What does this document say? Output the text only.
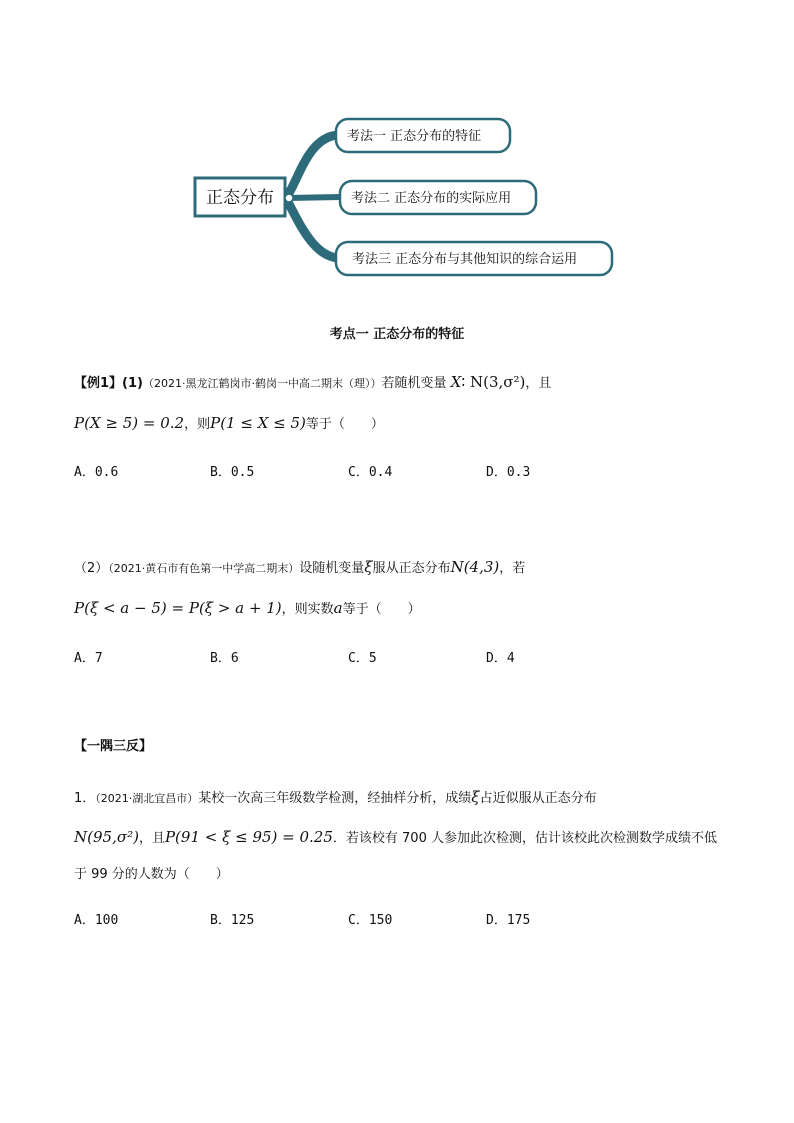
正态分布
考法一 正态分布的特征
考法二 正态分布的实际应用
考法三 正态分布与其他知识的综合运用
考点一 正态分布的特征
【例1】(1)（2021·黑龙江鹤岗市·鹤岗一中高二期末（理））若随机变量 X∶ N(3,σ²)，且
P(X ≥ 5) = 0.2，则P(1 ≤ X ≤ 5)等于（　　）
A．0.6	B．0.5	C．0.4	D．0.3
（2）（2021·黄石市有色第一中学高二期末）设随机变量ξ服从正态分布N(4,3)，若
P(ξ < a − 5) = P(ξ > a + 1)，则实数a等于（　　）
A．7	B．6	C．5	D．4
【一隅三反】
1．（2021·湖北宜昌市）某校一次高三年级数学检测，经抽样分析，成绩ξ占近似服从正态分布
N(95,σ²)，且P(91 < ξ ≤ 95) = 0.25．若该校有 700 人参加此次检测，估计该校此次检测数学成绩不低
于 99 分的人数为（　　）
A．100	B．125	C．150	D．175
